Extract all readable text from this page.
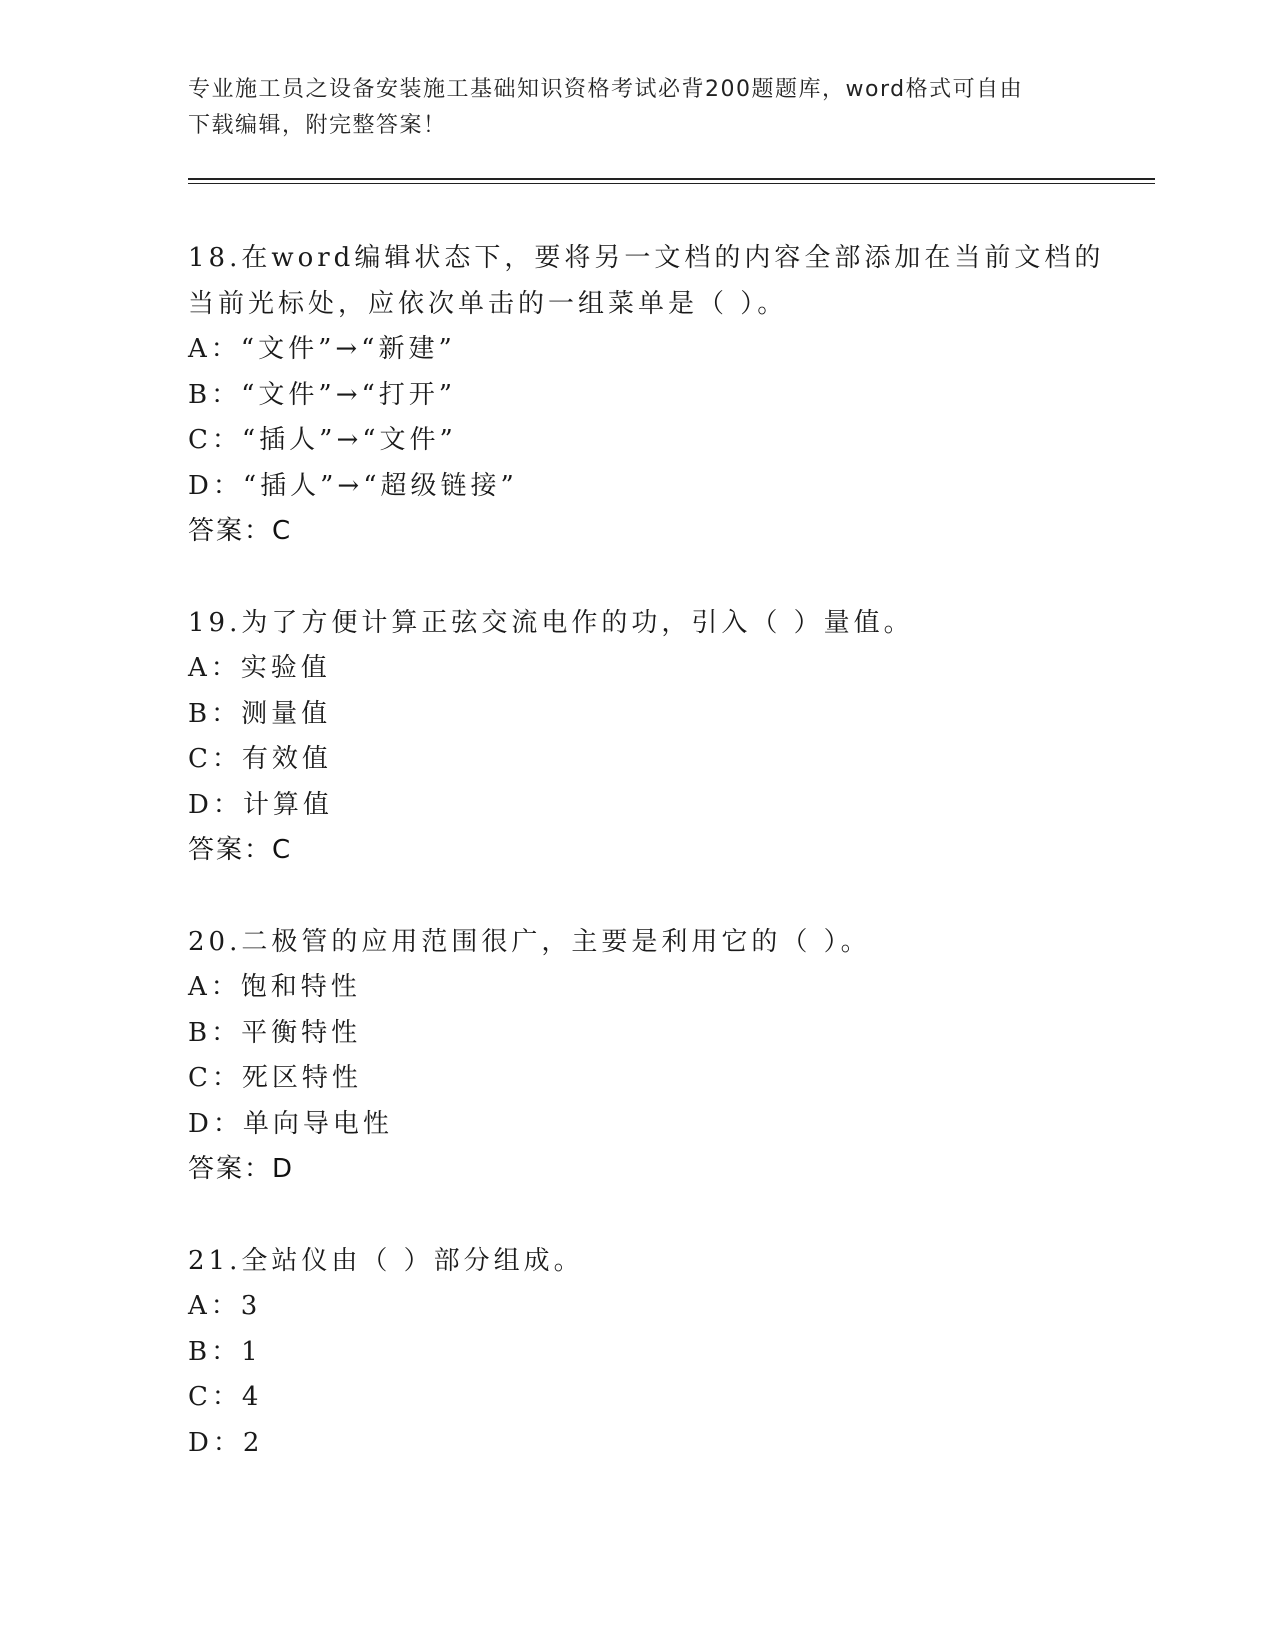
专业施工员之设备安装施工基础知识资格考试必背200题题库，word格式可自由
下载编辑，附完整答案！
18.在word编辑状态下，要将另一文档的内容全部添加在当前文档的
当前光标处，应依次单击的一组菜单是（ ）。
A：“文件”→“新建”
B：“文件”→“打开”
C：“插人”→“文件”
D：“插人”→“超级链接”
答案：C
19.为了方便计算正弦交流电作的功，引入（ ）量值。
A：实验值
B：测量值
C：有效值
D：计算值
答案：C
20.二极管的应用范围很广，主要是利用它的（ ）。
A：饱和特性
B：平衡特性
C：死区特性
D：单向导电性
答案：D
21.全站仪由（ ）部分组成。
A：3
B：1
C：4
D：2
